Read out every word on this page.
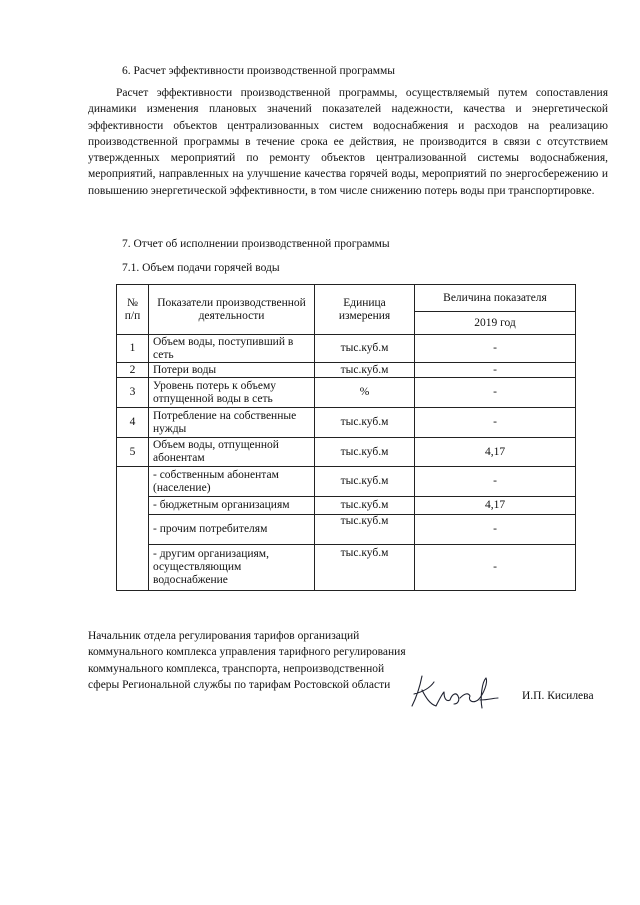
6. Расчет эффективности производственной программы

Расчет эффективности производственной программы, осуществляемый путем сопоставления динамики изменения плановых значений показателей надежности, качества и энергетической эффективности объектов централизованных систем водоснабжения и расходов на реализацию производственной программы в течение срока ее действия, не производится в связи с отсутствием утвержденных мероприятий по ремонту объектов централизованной системы водоснабжения, мероприятий, направленных на улучшение качества горячей воды, мероприятий по энергосбережению и повышению энергетической эффективности, в том числе снижению потерь воды при транспортировке.

7. Отчет об исполнении производственной программы

7.1. Объем подачи горячей воды

№ п/п	Показатели производственной деятельности	Единица измерения	Величина показателя
			2019 год
1	Объем воды, поступивший в сеть	тыс.куб.м	-
2	Потери воды	тыс.куб.м	-
3	Уровень потерь к объему отпущенной воды в сеть	%	-
4	Потребление на собственные нужды	тыс.куб.м	-
5	Объем воды, отпущенной абонентам	тыс.куб.м	4,17
	- собственным абонентам (население)	тыс.куб.м	-
	- бюджетным организациям	тыс.куб.м	4,17
	- прочим потребителям	тыс.куб.м	-
	- другим организациям, осуществляющим водоснабжение	тыс.куб.м	-

Начальник отдела регулирования тарифов организаций коммунального комплекса управления тарифного регулирования коммунального комплекса, транспорта, непроизводственной сферы Региональной службы по тарифам Ростовской области

И.П. Кисилева
